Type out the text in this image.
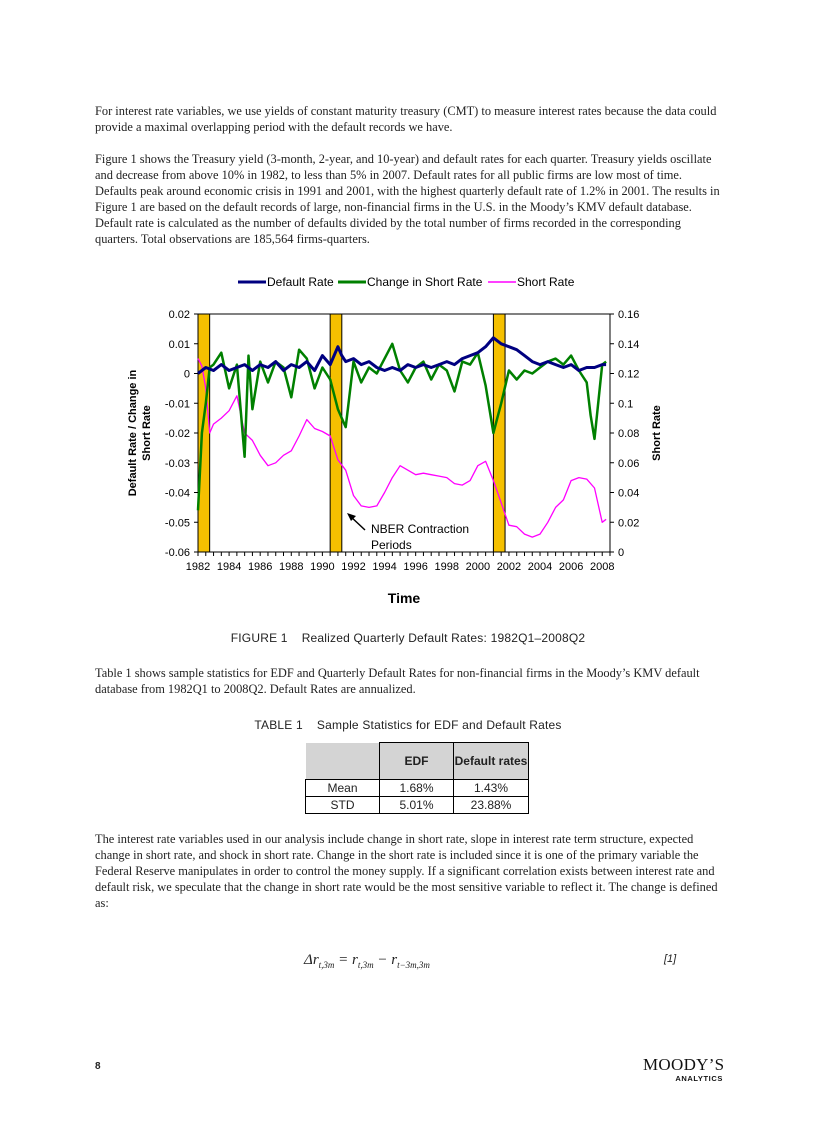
For interest rate variables, we use yields of constant maturity treasury (CMT) to measure interest rates because the data could provide a maximal overlapping period with the default records we have.

Figure 1 shows the Treasury yield (3-month, 2-year, and 10-year) and default rates for each quarter. Treasury yields oscillate and decrease from above 10% in 1982, to less than 5% in 2007. Default rates for all public firms are low most of time. Defaults peak around economic crisis in 1991 and 2001, with the highest quarterly default rate of 1.2% in 2001. The results in Figure 1 are based on the default records of large, non-financial firms in the U.S. in the Moody’s KMV default database. Default rate is calculated as the number of defaults divided by the total number of firms recorded in the corresponding quarters. Total observations are 185,564 firms-quarters.

Default Rate	Change in Short Rate	Short Rate
0.02
0.01
0
-0.01
-0.02
-0.03
-0.04
-0.05
-0.06
0.16
0.14
0.12
0.1
0.08
0.06
0.04
0.02
0
1982 1984 1986 1988 1990 1992 1994 1996 1998 2000 2002 2004 2006 2008
Time
Default Rate / Change in Short Rate	Short Rate
NBER Contraction Periods
FIGURE 1 Realized Quarterly Default Rates: 1982Q1–2008Q2

Table 1 shows sample statistics for EDF and Quarterly Default Rates for non-financial firms in the Moody’s KMV default database from 1982Q1 to 2008Q2. Default Rates are annualized.

TABLE 1 Sample Statistics for EDF and Default Rates
	EDF	Default rates
Mean	1.68%	1.43%
STD	5.01%	23.88%

The interest rate variables used in our analysis include change in short rate, slope in interest rate term structure, expected change in short rate, and shock in short rate. Change in the short rate is included since it is one of the primary variable the Federal Reserve manipulates in order to control the money supply. If a significant correlation exists between interest rate and default risk, we speculate that the change in short rate would be the most sensitive variable to reflect it. The change is defined as:

$\Delta r_{t,3m} = r_{t,3m} - r_{t-3m,3m}$	[1]
8	MOODY’S
ANALYTICS
